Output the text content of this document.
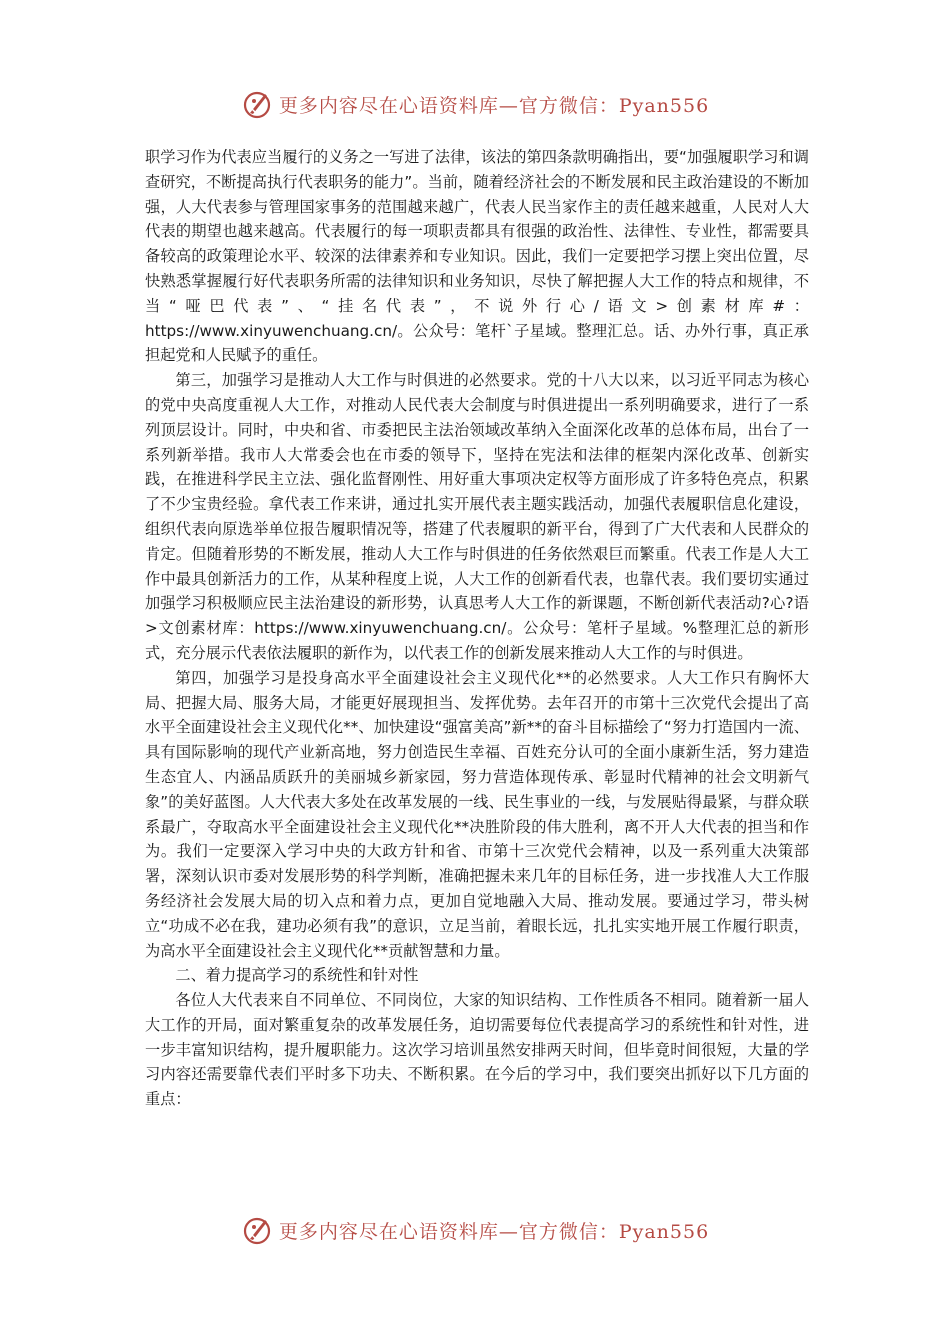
更多内容尽在心语资料库—官方微信：Pyan556

职学习作为代表应当履行的义务之一写进了法律，该法的第四条款明确指出，要“加强履职学习和调查研究，不断提高执行代表职务的能力”。当前，随着经济社会的不断发展和民主政治建设的不断加强，人大代表参与管理国家事务的范围越来越广，代表人民当家作主的责任越来越重，人民对人大代表的期望也越来越高。代表履行的每一项职责都具有很强的政治性、法律性、专业性，都需要具备较高的政策理论水平、较深的法律素养和专业知识。因此，我们一定要把学习摆上突出位置，尽快熟悉掌握履行好代表职务所需的法律知识和业务知识，尽快了解把握人大工作的特点和规律，不当“哑巴代表”、“挂名代表”，不说外行心/语文>创素材库#：https://www.xinyuwenchuang.cn/。公众号：笔杆`子星域。整理汇总。话、办外行事，真正承担起党和人民赋予的重任。

第三，加强学习是推动人大工作与时俱进的必然要求。党的十八大以来，以习近平同志为核心的党中央高度重视人大工作，对推动人民代表大会制度与时俱进提出一系列明确要求，进行了一系列顶层设计。同时，中央和省、市委把民主法治领域改革纳入全面深化改革的总体布局，出台了一系列新举措。我市人大常委会也在市委的领导下，坚持在宪法和法律的框架内深化改革、创新实践，在推进科学民主立法、强化监督刚性、用好重大事项决定权等方面形成了许多特色亮点，积累了不少宝贵经验。拿代表工作来讲，通过扎实开展代表主题实践活动，加强代表履职信息化建设，组织代表向原选举单位报告履职情况等，搭建了代表履职的新平台，得到了广大代表和人民群众的肯定。但随着形势的不断发展，推动人大工作与时俱进的任务依然艰巨而繁重。代表工作是人大工作中最具创新活力的工作，从某种程度上说，人大工作的创新看代表，也靠代表。我们要切实通过加强学习积极顺应民主法治建设的新形势，认真思考人大工作的新课题，不断创新代表活动?心?语>文创素材库：https://www.xinyuwenchuang.cn/。公众号：笔杆子星域。%整理汇总的新形式，充分展示代表依法履职的新作为，以代表工作的创新发展来推动人大工作的与时俱进。

第四，加强学习是投身高水平全面建设社会主义现代化**的必然要求。人大工作只有胸怀大局、把握大局、服务大局，才能更好展现担当、发挥优势。去年召开的市第十三次党代会提出了高水平全面建设社会主义现代化**、加快建设“强富美高”新**的奋斗目标描绘了“努力打造国内一流、具有国际影响的现代产业新高地，努力创造民生幸福、百姓充分认可的全面小康新生活，努力建造生态宜人、内涵品质跃升的美丽城乡新家园，努力营造体现传承、彰显时代精神的社会文明新气象”的美好蓝图。人大代表大多处在改革发展的一线、民生事业的一线，与发展贴得最紧，与群众联系最广，夺取高水平全面建设社会主义现代化**决胜阶段的伟大胜利，离不开人大代表的担当和作为。我们一定要深入学习中央的大政方针和省、市第十三次党代会精神，以及一系列重大决策部署，深刻认识市委对发展形势的科学判断，准确把握未来几年的目标任务，进一步找准人大工作服务经济社会发展大局的切入点和着力点，更加自觉地融入大局、推动发展。要通过学习，带头树立“功成不必在我，建功必须有我”的意识，立足当前，着眼长远，扎扎实实地开展工作履行职责，为高水平全面建设社会主义现代化**贡献智慧和力量。

二、着力提高学习的系统性和针对性

各位人大代表来自不同单位、不同岗位，大家的知识结构、工作性质各不相同。随着新一届人大工作的开局，面对繁重复杂的改革发展任务，迫切需要每位代表提高学习的系统性和针对性，进一步丰富知识结构，提升履职能力。这次学习培训虽然安排两天时间，但毕竟时间很短，大量的学习内容还需要靠代表们平时多下功夫、不断积累。在今后的学习中，我们要突出抓好以下几方面的重点：

更多内容尽在心语资料库—官方微信：Pyan556
